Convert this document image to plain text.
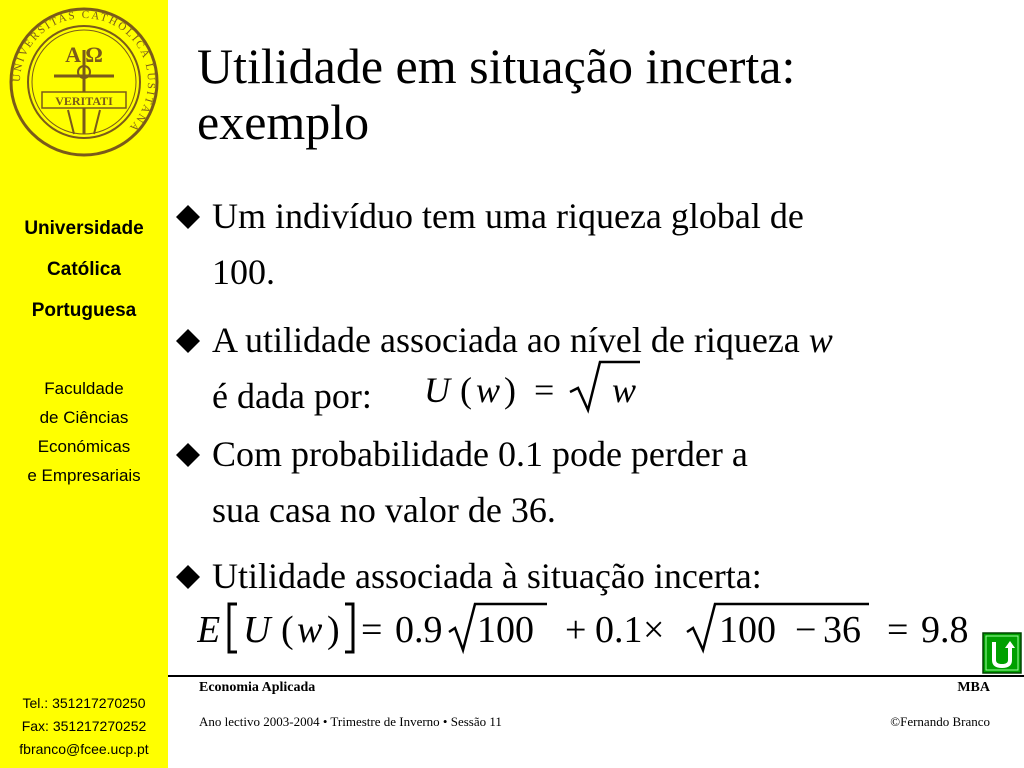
UNIVERSITAS CATHOLICA LUSITANA
A Ω
VERITATI
Universidade
Católica
Portuguesa
Faculdade
de Ciências
Económicas
e Empresariais
Tel.: 351217270250
Fax: 351217270252
fbranco@fcee.ucp.pt
Utilidade em situação incerta:
exemplo
Um indivíduo tem uma riqueza global de
100.
A utilidade associada ao nível de riqueza w
é dada por:	U ( w ) = w
Com probabilidade 0.1 pode perder a
sua casa no valor de 36.
Utilidade associada à situação incerta:
E U ( w ) = 0.9 100 + 0.1 × 100 − 36 = 9.8
Economia Aplicada	MBA
Ano lectivo 2003-2004 • Trimestre de Inverno • Sessão 11	©Fernando Branco
